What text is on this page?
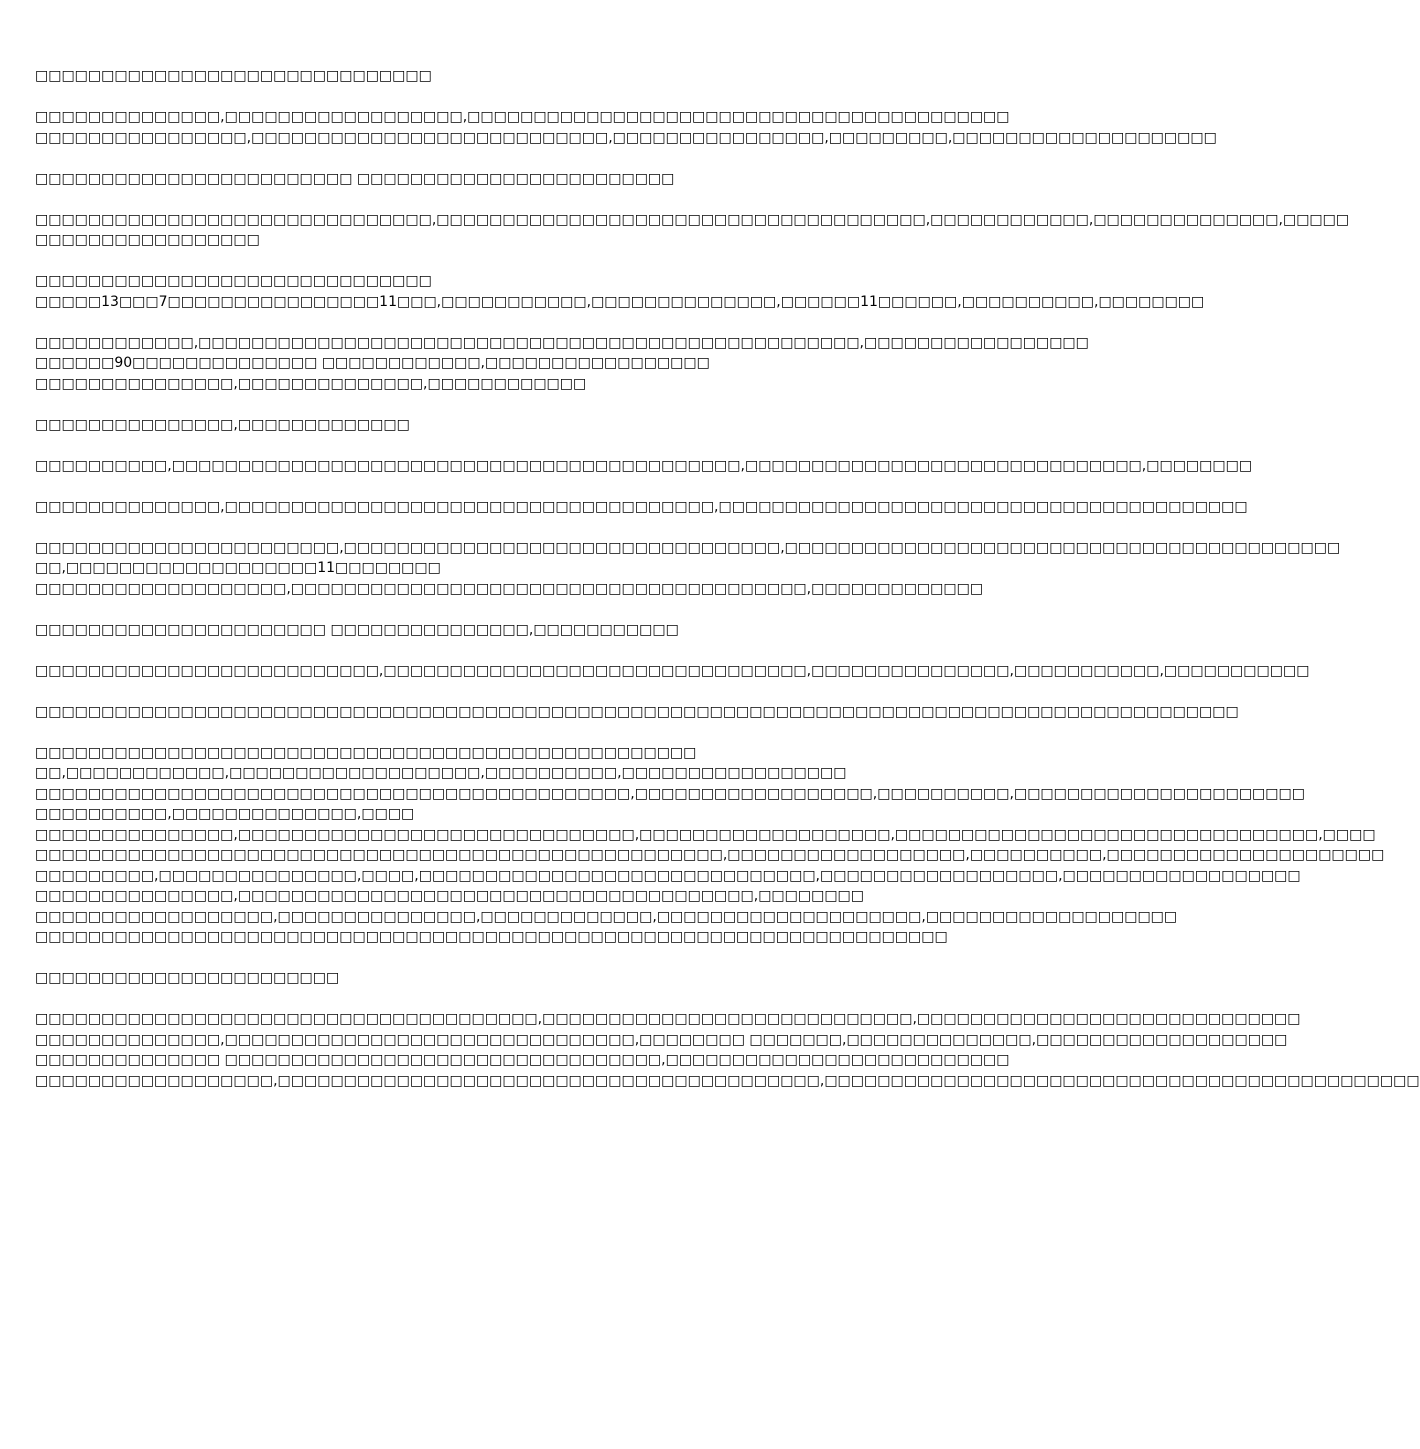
□□□□□□□□□□□□□□□□□□□□□□□□□□□□□□
□□□□□□□□□□□□□□,□□□□□□□□□□□□□□□□□□,□□□□□□□□□□□□□□□□□□□□□□□□□□□□□□□□□□□□□□□□□
□□□□□□□□□□□□□□□□,□□□□□□□□□□□□□□□□□□□□□□□□□□□,□□□□□□□□□□□□□□□□,□□□□□□□□□,□□□□□□□□□□□□□□□□□□□□
□□□□□□□□□□□□□□□□□□□□□□□□ □□□□□□□□□□□□□□□□□□□□□□□□
□□□□□□□□□□□□□□□□□□□□□□□□□□□□□□,□□□□□□□□□□□□□□□□□□□□□□□□□□□□□□□□□□□□□,□□□□□□□□□□□□,□□□□□□□□□□□□□□,□□□□□
□□□□□□□□□□□□□□□□□
□□□□□□□□□□□□□□□□□□□□□□□□□□□□□□
□□□□□13□□□7□□□□□□□□□□□□□□□□11□□□,□□□□□□□□□□□,□□□□□□□□□□□□□□,□□□□□□11□□□□□□,□□□□□□□□□□,□□□□□□□□
□□□□□□□□□□□□,□□□□□□□□□□□□□□□□□□□□□□□□□□□□□□□□□□□□□□□□□□□□□□□□□□,□□□□□□□□□□□□□□□□□
□□□□□□90□□□□□□□□□□□□□□ □□□□□□□□□□□□,□□□□□□□□□□□□□□□□□
□□□□□□□□□□□□□□□,□□□□□□□□□□□□□□,□□□□□□□□□□□□
□□□□□□□□□□□□□□□,□□□□□□□□□□□□□
□□□□□□□□□□,□□□□□□□□□□□□□□□□□□□□□□□□□□□□□□□□□□□□□□□□□□□,□□□□□□□□□□□□□□□□□□□□□□□□□□□□□□,□□□□□□□□
□□□□□□□□□□□□□□,□□□□□□□□□□□□□□□□□□□□□□□□□□□□□□□□□□□□□,□□□□□□□□□□□□□□□□□□□□□□□□□□□□□□□□□□□□□□□□
□□□□□□□□□□□□□□□□□□□□□□□,□□□□□□□□□□□□□□□□□□□□□□□□□□□□□□□□□,□□□□□□□□□□□□□□□□□□□□□□□□□□□□□□□□□□□□□□□□□□
□□,□□□□□□□□□□□□□□□□□□□11□□□□□□□□
□□□□□□□□□□□□□□□□□□□,□□□□□□□□□□□□□□□□□□□□□□□□□□□□□□□□□□□□□□□,□□□□□□□□□□□□□
□□□□□□□□□□□□□□□□□□□□□□ □□□□□□□□□□□□□□□,□□□□□□□□□□□
□□□□□□□□□□□□□□□□□□□□□□□□□□,□□□□□□□□□□□□□□□□□□□□□□□□□□□□□□□□,□□□□□□□□□□□□□□□,□□□□□□□□□□□,□□□□□□□□□□□
□□□□□□□□□□□□□□□□□□□□□□□□□□□□□□□□□□□□□□□□□□□□□□□□□□□□□□□□□□□□□□□□□□□□□□□□□□□□□□□□□□□□□□□□□□□
□□□□□□□□□□□□□□□□□□□□□□□□□□□□□□□□□□□□□□□□□□□□□□□□□□
□□,□□□□□□□□□□□□,□□□□□□□□□□□□□□□□□□□,□□□□□□□□□□,□□□□□□□□□□□□□□□□□
□□□□□□□□□□□□□□□□□□□□□□□□□□□□□□□□□□□□□□□□□□□□□,□□□□□□□□□□□□□□□□□□,□□□□□□□□□□,□□□□□□□□□□□□□□□□□□□□□□
□□□□□□□□□□,□□□□□□□□□□□□□□,□□□□
□□□□□□□□□□□□□□□,□□□□□□□□□□□□□□□□□□□□□□□□□□□□□□,□□□□□□□□□□□□□□□□□□□,□□□□□□□□□□□□□□□□□□□□□□□□□□□□□□□□,□□□□
□□□□□□□□□□□□□□□□□□□□□□□□□□□□□□□□□□□□□□□□□□□□□□□□□□□□,□□□□□□□□□□□□□□□□□□,□□□□□□□□□□,□□□□□□□□□□□□□□□□□□□□□
□□□□□□□□□,□□□□□□□□□□□□□□□,□□□□,□□□□□□□□□□□□□□□□□□□□□□□□□□□□□□,□□□□□□□□□□□□□□□□□□,□□□□□□□□□□□□□□□□□□
□□□□□□□□□□□□□□□,□□□□□□□□□□□□□□□□□□□□□□□□□□□□□□□□□□□□□□□,□□□□□□□□
□□□□□□□□□□□□□□□□□□,□□□□□□□□□□□□□□□,□□□□□□□□□□□□□,□□□□□□□□□□□□□□□□□□□□,□□□□□□□□□□□□□□□□□□□
□□□□□□□□□□□□□□□□□□□□□□□□□□□□□□□□□□□□□□□□□□□□□□□□□□□□□□□□□□□□□□□□□□□□□
□□□□□□□□□□□□□□□□□□□□□□□
□□□□□□□□□□□□□□□□□□□□□□□□□□□□□□□□□□□□□□,□□□□□□□□□□□□□□□□□□□□□□□□□□□□,□□□□□□□□□□□□□□□□□□□□□□□□□□□□□
□□□□□□□□□□□□□□,□□□□□□□□□□□□□□□□□□□□□□□□□□□□□□□,□□□□□□□□ □□□□□□□,□□□□□□□□□□□□□□,□□□□□□□□□□□□□□□□□□□
□□□□□□□□□□□□□□ □□□□□□□□□□□□□□□□□□□□□□□□□□□□□□□□□,□□□□□□□□□□□□□□□□□□□□□□□□□□
□□□□□□□□□□□□□□□□□□,□□□□□□□□□□□□□□□□□□□□□□□□□□□□□□□□□□□□□□□□□,□□□□□□□□□□□□□□□□□□□□□□□□□□□□□□□□□□□□□□□□□□□□□
